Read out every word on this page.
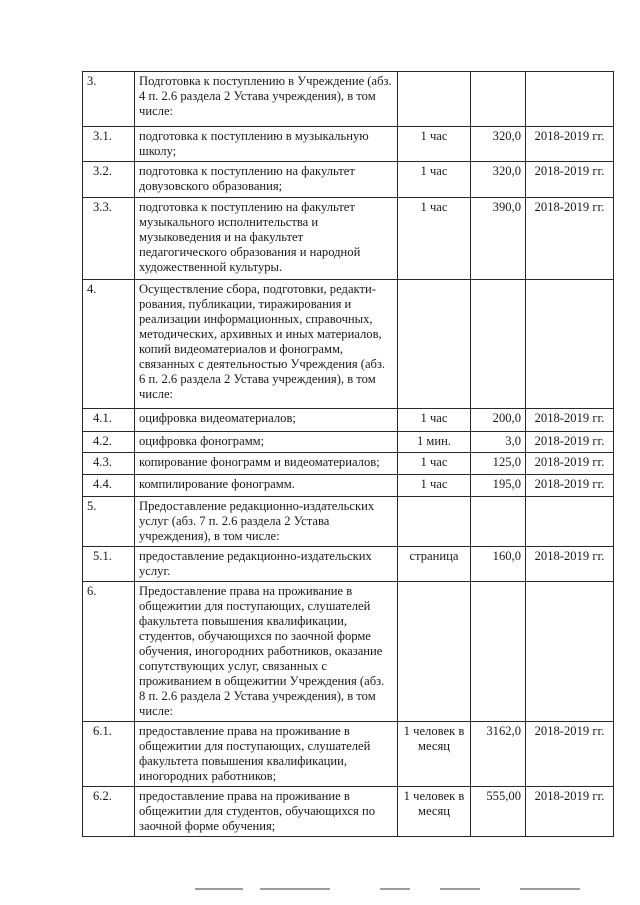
3.	Подготовка к поступлению в Учреждение (абз. 4 п. 2.6 раздела 2 Устава учреждения), в том числе:			
3.1.	подготовка к поступлению в музыкальную школу;	1 час	320,0	2018-2019 гг.
3.2.	подготовка к поступлению на факультет довузовского образования;	1 час	320,0	2018-2019 гг.
3.3.	подготовка к поступлению на факультет музыкального исполнительства и музыковедения и на факультет педагогического образования и народной художественной культуры.	1 час	390,0	2018-2019 гг.
4.	Осуществление сбора, подготовки, редакти-рования, публикации, тиражирования и реализации информационных, справочных, методических, архивных и иных материалов, копий видеоматериалов и фонограмм, связанных с деятельностью Учреждения (абз. 6 п. 2.6 раздела 2 Устава учреждения), в том числе:			
4.1.	оцифровка видеоматериалов;	1 час	200,0	2018-2019 гг.
4.2.	оцифровка фонограмм;	1 мин.	3,0	2018-2019 гг.
4.3.	копирование фонограмм и видеоматериалов;	1 час	125,0	2018-2019 гг.
4.4.	компилирование фонограмм.	1 час	195,0	2018-2019 гг.
5.	Предоставление редакционно-издательских услуг (абз. 7 п. 2.6 раздела 2 Устава учреждения), в том числе:			
5.1.	предоставление редакционно-издательских услуг.	страница	160,0	2018-2019 гг.
6.	Предоставление права на проживание в общежитии для поступающих, слушателей факультета повышения квалификации, студентов, обучающихся по заочной форме обучения, иногородних работников, оказание сопутствующих услуг, связанных с проживанием в общежитии Учреждения (абз. 8 п. 2.6 раздела 2 Устава учреждения), в том числе:			
6.1.	предоставление права на проживание в общежитии для поступающих, слушателей факультета повышения квалификации, иногородних работников;	1 человек в месяц	3162,0	2018-2019 гг.
6.2.	предоставление права на проживание в общежитии для студентов, обучающихся по заочной форме обучения;	1 человек в месяц	555,00	2018-2019 гг.
